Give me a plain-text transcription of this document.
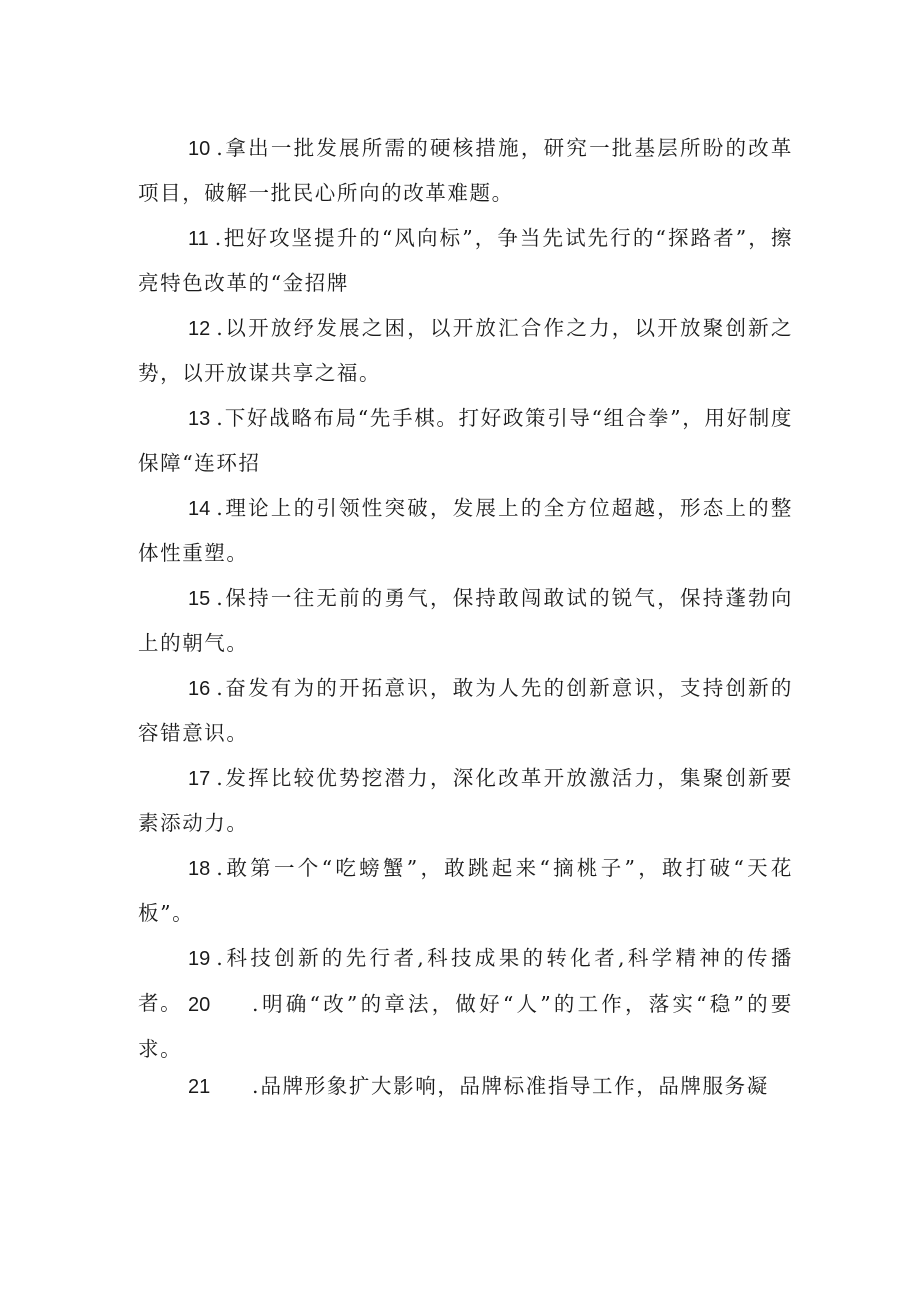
10 .拿出一批发展所需的硬核措施，研究一批基层所盼的改革项目，破解一批民心所向的改革难题。

11 .把好攻坚提升的“风向标”，争当先试先行的“探路者”，擦亮特色改革的“金招牌

12 .以开放纾发展之困，以开放汇合作之力，以开放聚创新之势，以开放谋共享之福。

13 .下好战略布局“先手棋。打好政策引导“组合拳”，用好制度保障“连环招

14 .理论上的引领性突破，发展上的全方位超越，形态上的整体性重塑。

15 .保持一往无前的勇气，保持敢闯敢试的锐气，保持蓬勃向上的朝气。

16 .奋发有为的开拓意识，敢为人先的创新意识，支持创新的容错意识。

17 .发挥比较优势挖潜力，深化改革开放激活力，集聚创新要素添动力。

18 .敢第一个“吃螃蟹”，敢跳起来“摘桃子”，敢打破“天花板”。

19 .科技创新的先行者,科技成果的转化者,科学精神的传播者。 20 .明确“改”的章法，做好“人”的工作，落实“稳”的要求。

21 .品牌形象扩大影响，品牌标准指导工作，品牌服务凝
